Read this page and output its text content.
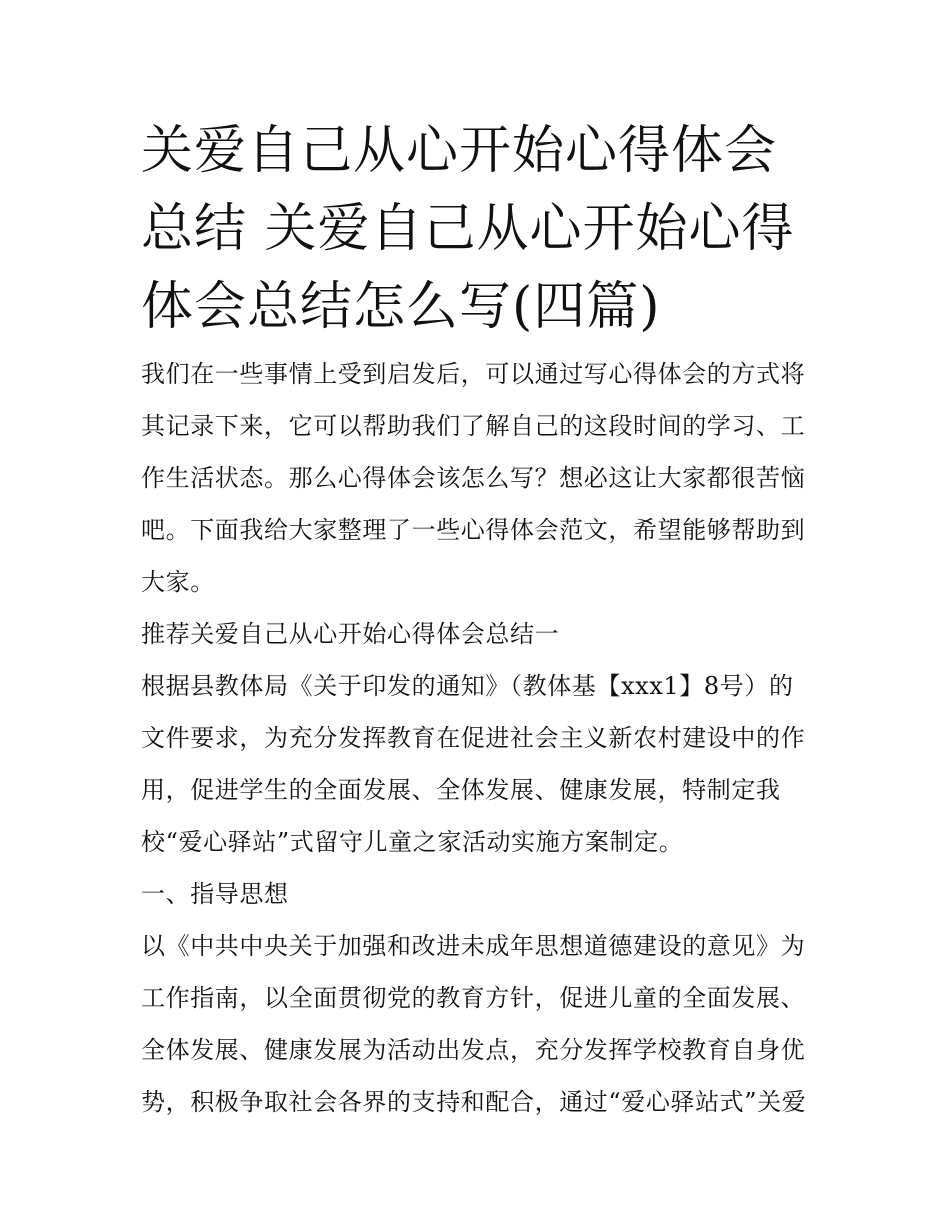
关爱自己从心开始心得体会总结 关爱自己从心开始心得体会总结怎么写(四篇)

我们在一些事情上受到启发后，可以通过写心得体会的方式将其记录下来，它可以帮助我们了解自己的这段时间的学习、工作生活状态。那么心得体会该怎么写？想必这让大家都很苦恼吧。下面我给大家整理了一些心得体会范文，希望能够帮助到大家。

推荐关爱自己从心开始心得体会总结一

根据县教体局《关于印发的通知》（教体基【xxx1】8号）的文件要求，为充分发挥教育在促进社会主义新农村建设中的作用，促进学生的全面发展、全体发展、健康发展，特制定我校“爱心驿站”式留守儿童之家活动实施方案制定。

一、指导思想

以《中共中央关于加强和改进未成年思想道德建设的意见》为工作指南，以全面贯彻党的教育方针，促进儿童的全面发展、全体发展、健康发展为活动出发点，充分发挥学校教育自身优势，积极争取社会各界的支持和配合，通过“爱心驿站式”关爱
